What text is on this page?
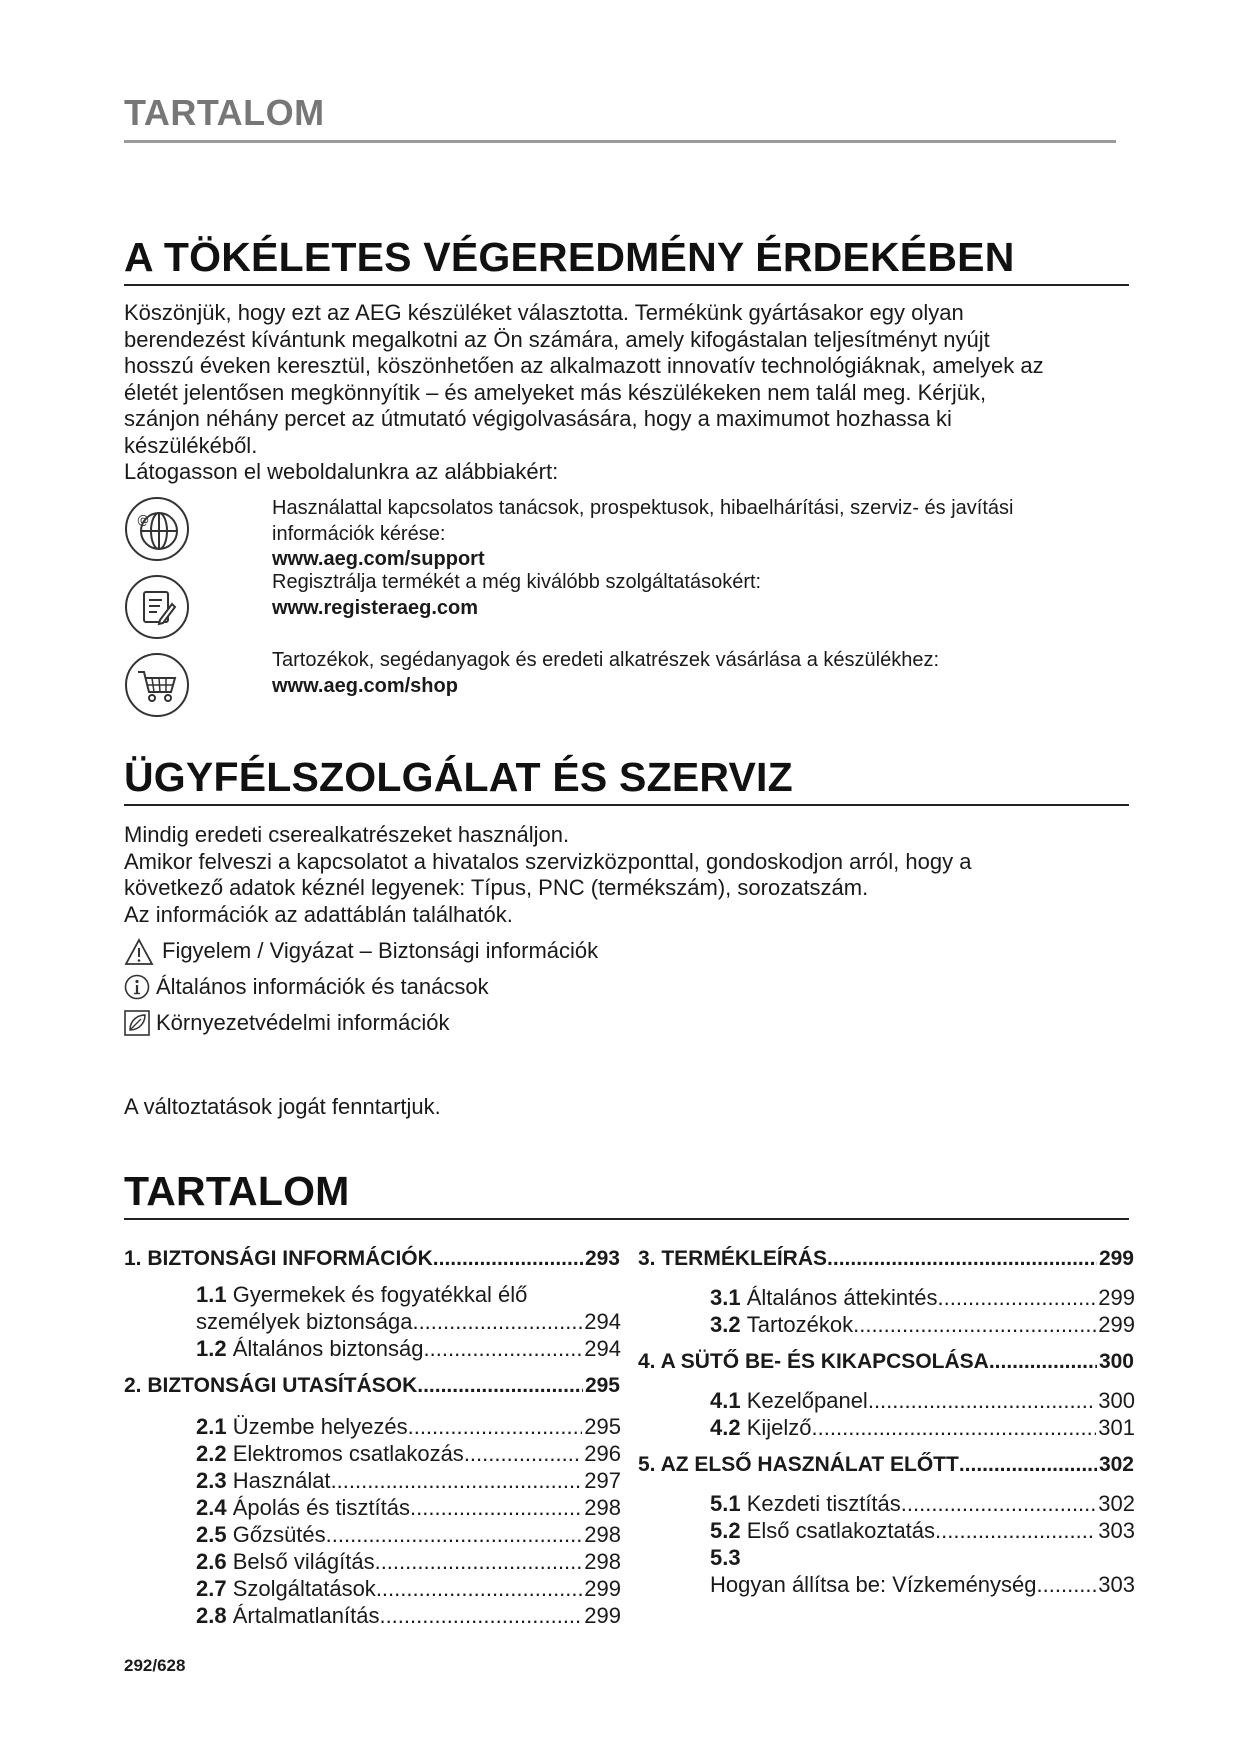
TARTALOM
A TÖKÉLETES VÉGEREDMÉNY ÉRDEKÉBEN

Köszönjük, hogy ezt az AEG készüléket választotta. Termékünk gyártásakor egy olyan

berendezést kívántunk megalkotni az Ön számára, amely kifogástalan teljesítményt nyújt

hosszú éveken keresztül, köszönhetően az alkalmazott innovatív technológiáknak, amelyek az

életét jelentősen megkönnyítik – és amelyeket más készülékeken nem talál meg. Kérjük,

szánjon néhány percet az útmutató végigolvasására, hogy a maximumot hozhassa ki

készülékéből.

Látogasson el weboldalunkra az alábbiakért:

@
Használattal kapcsolatos tanácsok, prospektusok, hibaelhárítási, szerviz- és javítási
információk kérése:
www.aeg.com/support
Regisztrálja termékét a még kiválóbb szolgáltatásokért:
www.registeraeg.com
Tartozékok, segédanyagok és eredeti alkatrészek vásárlása a készülékhez:
www.aeg.com/shop
ÜGYFÉLSZOLGÁLAT ÉS SZERVIZ

Mindig eredeti cserealkatrészeket használjon.

Amikor felveszi a kapcsolatot a hivatalos szervizközponttal, gondoskodjon arról, hogy a

következő adatok kéznél legyenek: Típus, PNC (termékszám), sorozatszám.

Az információk az adattáblán találhatók.

Figyelem / Vigyázat – Biztonsági információk
Általános információk és tanácsok
Környezetvédelmi információk
A változtatások jogát fenntartjuk.
TARTALOM
1. BIZTONSÁGI INFORMÁCIÓK .....	293
1.1 Gyermekek és fogyatékkal élő
személyek biztonsága .....	294
1.2
Általános biztonság .....	294
2. BIZTONSÁGI UTASÍTÁSOK .....	295
2.1
Üzembe helyezés .....	295
2.2
Elektromos csatlakozás .....	296
2.3
Használat .....	297
2.4
Ápolás és tisztítás .....	298
2.5
Gőzsütés .....	298
2.6
Belső világítás .....	298
2.7
Szolgáltatások .....	299
2.8
Ártalmatlanítás .....	299
3. TERMÉKLEÍRÁS .....	299
3.1
Általános áttekintés .....	299
3.2
Tartozékok .....	299
4. A SÜTŐ BE- ÉS KIKAPCSOLÁSA .....	300
4.1
Kezelőpanel .....	300
4.2
Kijelző .....	301
5. AZ ELSŐ HASZNÁLAT ELŐTT .....	302
5.1
Kezdeti tisztítás .....	302
5.2
Első csatlakoztatás .....	303
5.3
Hogyan állítsa be: Vízkeménység .....	303
292/628
